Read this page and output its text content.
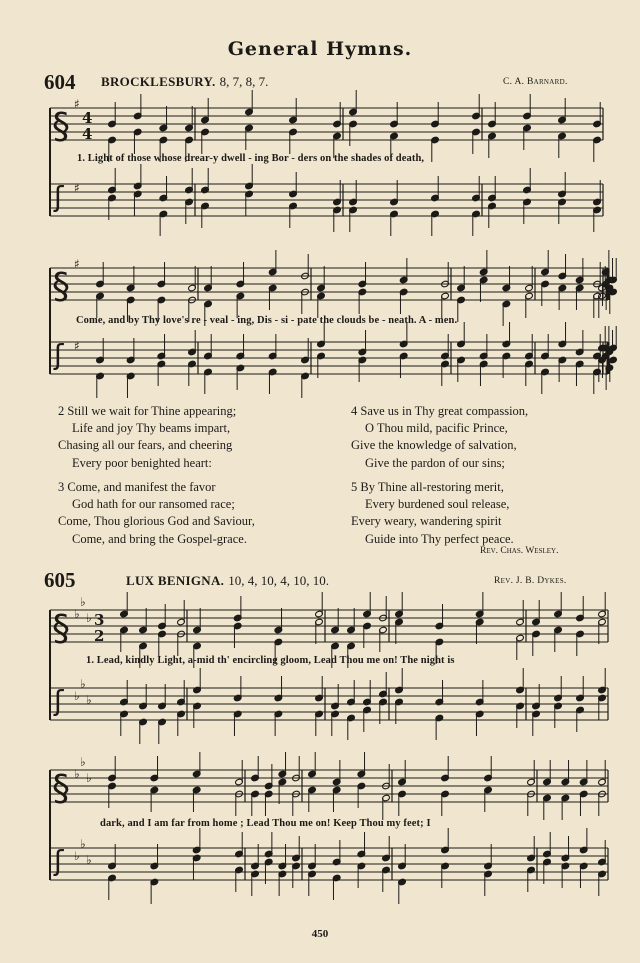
General Hymns.
604 BROCKLESBURY. 8, 7, 8, 7.	C. A. Barnard.
§
ʃ
♯
♯
4
4
§
ʃ
♯
♯
§
ʃ
♭
♭
♭
♭
♭
♭
3
2
§
ʃ
♭
♭
♭
♭
♭
♭
1. Light of those whose drear-y dwell - ing Bor - ders on the shades of death,
Come, and by Thy love's re - veal - ing, Dis - si - pate the clouds be - neath. A - men.
2 Still we wait for Thine appearing;
Life and joy Thy beams impart,
Chasing all our fears, and cheering
Every poor benighted heart:
3 Come, and manifest the favor
God hath for our ransomed race;
Come, Thou glorious God and Saviour,
Come, and bring the Gospel-grace.
4 Save us in Thy great compassion,
O Thou mild, pacific Prince,
Give the knowledge of salvation,
Give the pardon of our sins;
5 By Thine all-restoring merit,
Every burdened soul release,
Every weary, wandering spirit
Guide into Thy perfect peace.
Rev. Chas. Wesley.
605	LUX BENIGNA. 10, 4, 10, 4, 10, 10.	Rev. J. B. Dykes.
1. Lead, kindly Light, a-mid th' encircling gloom, Lead Thou me on! The night is
dark, and I am far from home ; Lead Thou me on! Keep Thou my feet; I
450
